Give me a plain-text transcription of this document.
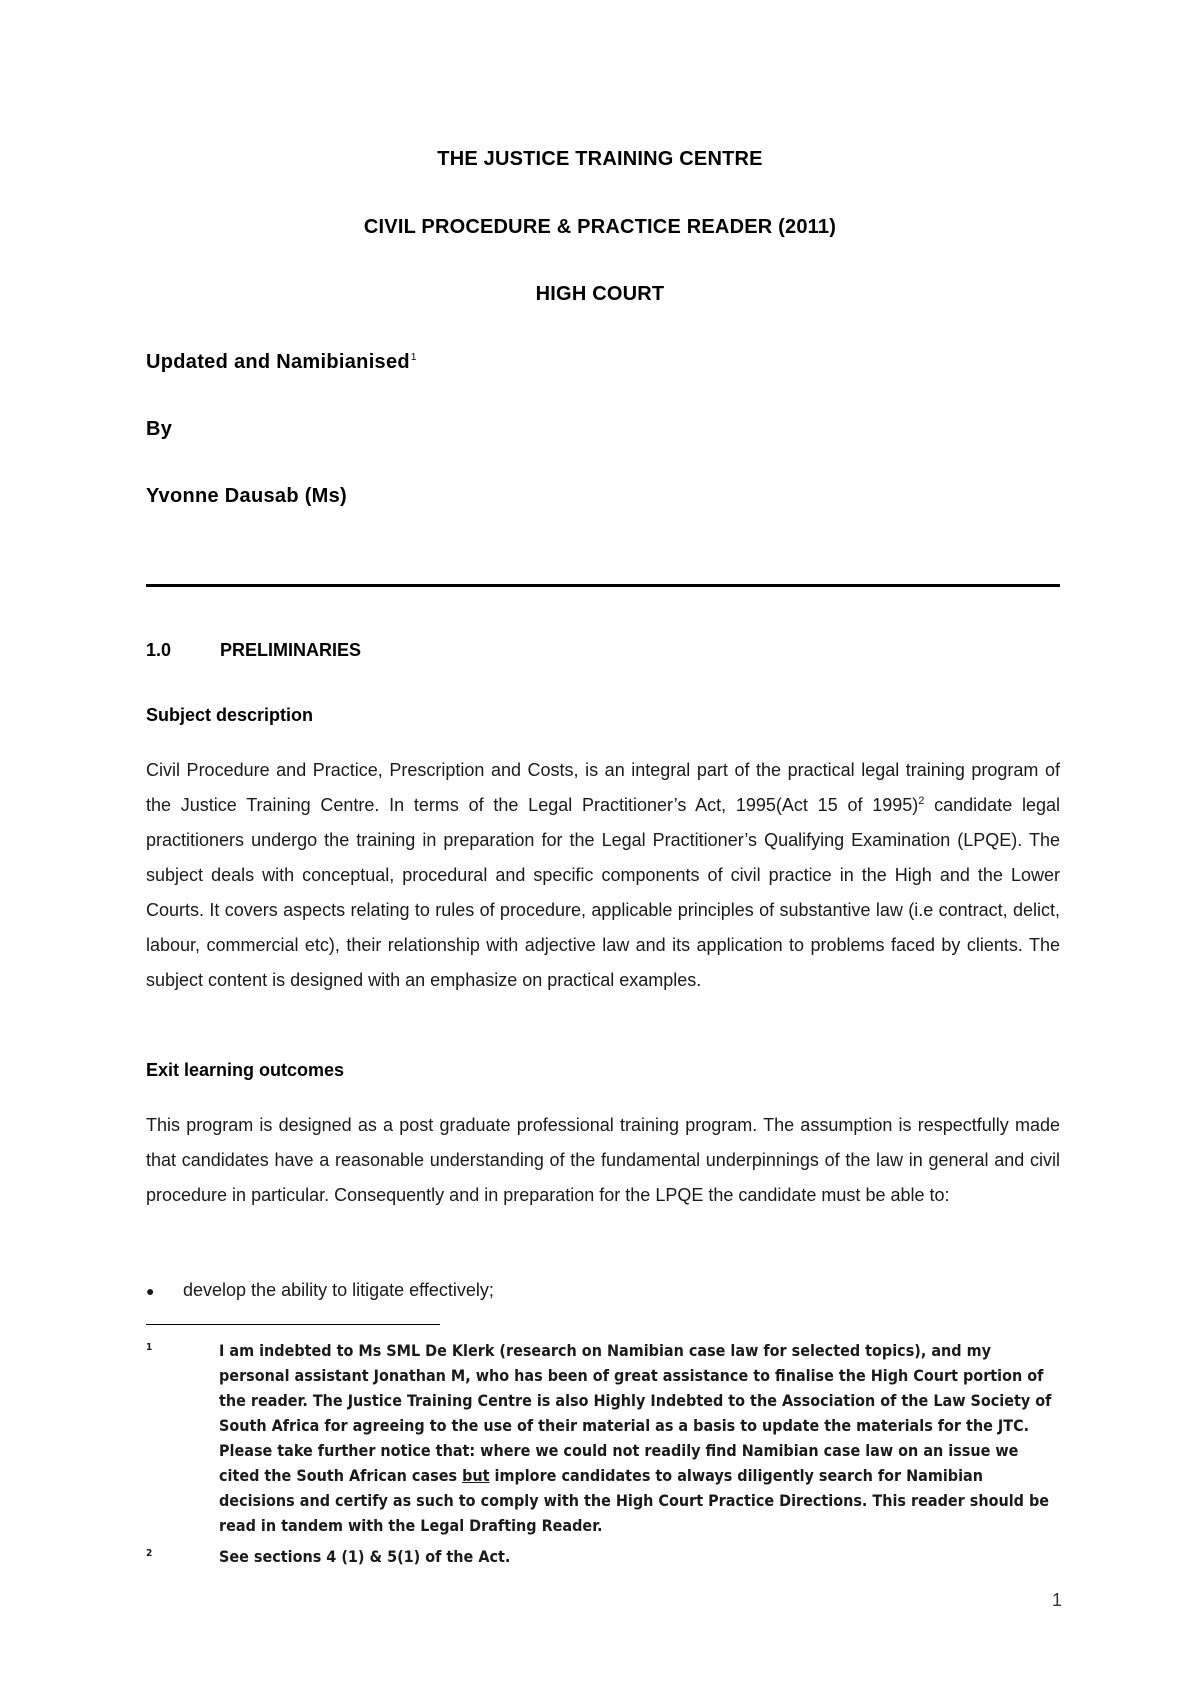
THE JUSTICE TRAINING CENTRE
CIVIL PROCEDURE & PRACTICE READER (2011)
HIGH COURT
Updated and Namibianised$^1$
By
Yvonne Dausab (Ms)
1.0	PRELIMINARIES
Subject description
Civil Procedure and Practice, Prescription and Costs, is an integral part of the practical legal training program of the Justice Training Centre. In terms of the Legal Practitioner’s Act, 1995(Act 15 of 1995)$^2$ candidate legal practitioners undergo the training in preparation for the Legal Practitioner’s Qualifying Examination (LPQE). The subject deals with conceptual, procedural and specific components of civil practice in the High and the Lower Courts. It covers aspects relating to rules of procedure, applicable principles of substantive law (i.e contract, delict, labour, commercial etc), their relationship with adjective law and its application to problems faced by clients. The subject content is designed with an emphasize on practical examples.
Exit learning outcomes
This program is designed as a post graduate professional training program. The assumption is respectfully made that candidates have a reasonable understanding of the fundamental underpinnings of the law in general and civil procedure in particular. Consequently and in preparation for the LPQE the candidate must be able to:
● develop the ability to litigate effectively;
1	I am indebted to Ms SML De Klerk (research on Namibian case law for selected topics), and my personal assistant Jonathan M, who has been of great assistance to finalise the High Court portion of the reader. The Justice Training Centre is also Highly Indebted to the Association of the Law Society of South Africa for agreeing to the use of their material as a basis to update the materials for the JTC. Please take further notice that: where we could not readily find Namibian case law on an issue we cited the South African cases but implore candidates to always diligently search for Namibian decisions and certify as such to comply with the High Court Practice Directions. This reader should be read in tandem with the Legal Drafting Reader.
2	See sections 4 (1) & 5(1) of the Act.
1
